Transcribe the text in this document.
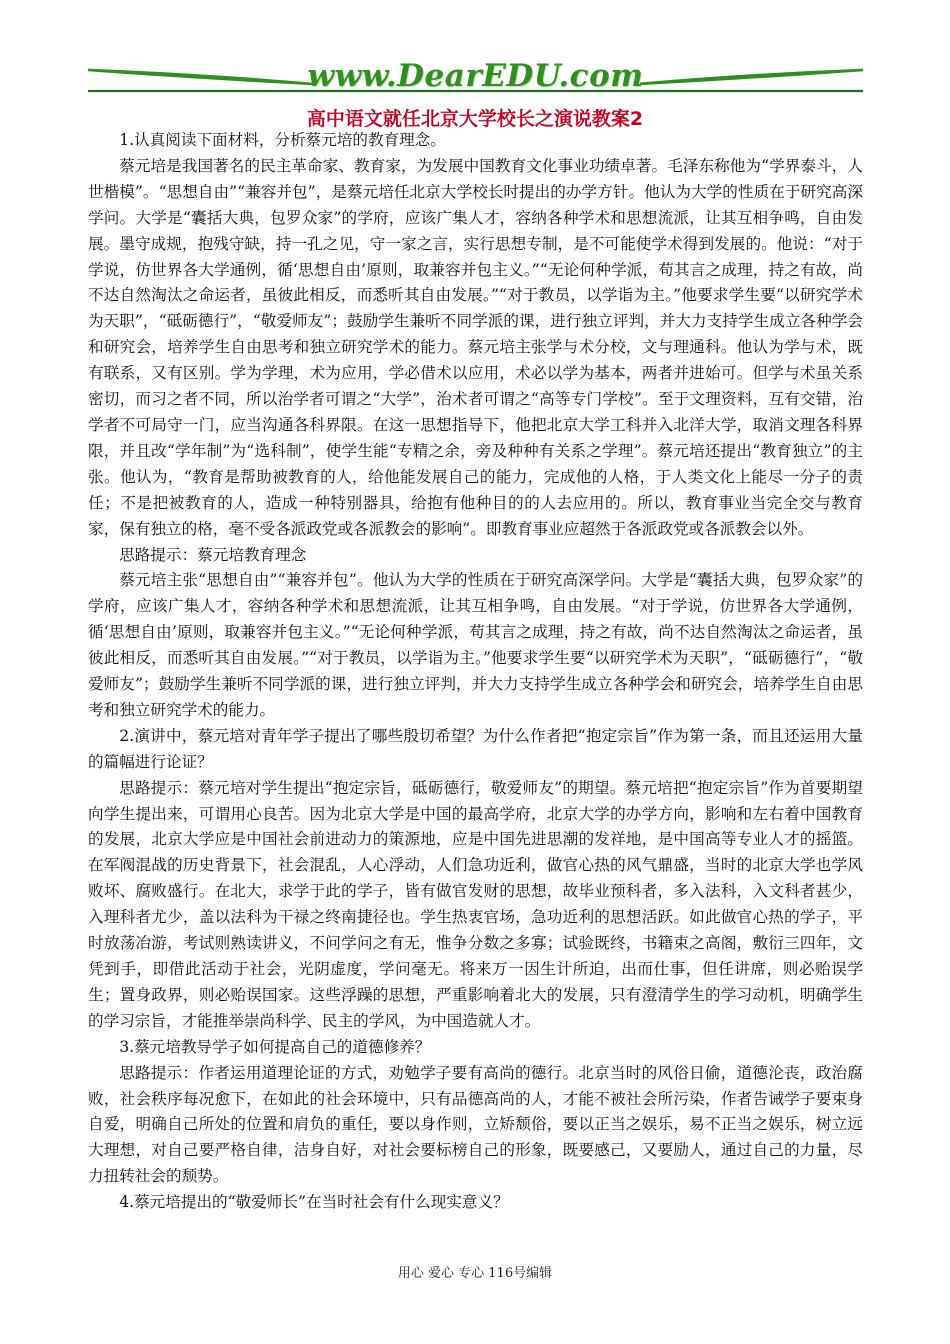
www.DearEDU.com
高中语文就任北京大学校长之演说教案2

1.认真阅读下面材料，分析蔡元培的教育理念。

蔡元培是我国著名的民主革命家、教育家，为发展中国教育文化事业功绩卓著。毛泽东称他为“学界泰斗，人世楷模”。“思想自由”“兼容并包”，是蔡元培任北京大学校长时提出的办学方针。他认为大学的性质在于研究高深学问。大学是“囊括大典，包罗众家”的学府，应该广集人才，容纳各种学术和思想流派，让其互相争鸣，自由发展。墨守成规，抱残守缺，持一孔之见，守一家之言，实行思想专制，是不可能使学术得到发展的。他说：“对于学说，仿世界各大学通例，循‘思想自由’原则，取兼容并包主义。”“无论何种学派，苟其言之成理，持之有故，尚不达自然淘汰之命运者，虽彼此相反，而悉听其自由发展。”“对于教员，以学诣为主。”他要求学生要“以研究学术为天职”，“砥砺德行”，“敬爱师友”；鼓励学生兼听不同学派的课，进行独立评判，并大力支持学生成立各种学会和研究会，培养学生自由思考和独立研究学术的能力。蔡元培主张学与术分校，文与理通科。他认为学与术，既有联系，又有区别。学为学理，术为应用，学必借术以应用，术必以学为基本，两者并进始可。但学与术虽关系密切，而习之者不同，所以治学者可谓之“大学”，治术者可谓之“高等专门学校”。至于文理资料，互有交错，治学者不可局守一门，应当沟通各科界限。在这一思想指导下，他把北京大学工科并入北洋大学，取消文理各科界限，并且改“学年制”为“选科制”，使学生能“专精之余，旁及种种有关系之学理”。蔡元培还提出“教育独立”的主张。他认为，“教育是帮助被教育的人，给他能发展自己的能力，完成他的人格，于人类文化上能尽一分子的责任；不是把被教育的人，造成一种特别器具，给抱有他种目的的人去应用的。所以，教育事业当完全交与教育家，保有独立的格，毫不受各派政党或各派教会的影响”。即教育事业应超然于各派政党或各派教会以外。

思路提示：蔡元培教育理念

蔡元培主张“思想自由”“兼容并包”。他认为大学的性质在于研究高深学问。大学是“囊括大典，包罗众家”的学府，应该广集人才，容纳各种学术和思想流派，让其互相争鸣，自由发展。“对于学说，仿世界各大学通例，循‘思想自由’原则，取兼容并包主义。”“无论何种学派，苟其言之成理，持之有故，尚不达自然淘汰之命运者，虽彼此相反，而悉听其自由发展。”“对于教员，以学诣为主。”他要求学生要“以研究学术为天职”，“砥砺德行”，“敬爱师友”；鼓励学生兼听不同学派的课，进行独立评判，并大力支持学生成立各种学会和研究会，培养学生自由思考和独立研究学术的能力。

2.演讲中，蔡元培对青年学子提出了哪些殷切希望？为什么作者把“抱定宗旨”作为第一条，而且还运用大量的篇幅进行论证？

思路提示：蔡元培对学生提出“抱定宗旨，砥砺德行，敬爱师友”的期望。蔡元培把“抱定宗旨”作为首要期望向学生提出来，可谓用心良苦。因为北京大学是中国的最高学府，北京大学的办学方向，影响和左右着中国教育的发展，北京大学应是中国社会前进动力的策源地，应是中国先进思潮的发祥地，是中国高等专业人才的摇篮。在军阀混战的历史背景下，社会混乱，人心浮动，人们急功近利，做官心热的风气鼎盛，当时的北京大学也学风败坏、腐败盛行。在北大，求学于此的学子，皆有做官发财的思想，故毕业预科者，多入法科，入文科者甚少，入理科者尤少，盖以法科为干禄之终南捷径也。学生热衷官场，急功近利的思想活跃。如此做官心热的学子，平时放荡冶游，考试则熟读讲义，不问学问之有无，惟争分数之多寡；试验既终，书籍束之高阁，敷衍三四年，文凭到手，即借此活动于社会，光阴虚度，学问毫无。将来万一因生计所迫，出而仕事，但任讲席，则必贻误学生；置身政界，则必贻误国家。这些浮躁的思想，严重影响着北大的发展，只有澄清学生的学习动机，明确学生的学习宗旨，才能推举崇尚科学、民主的学风，为中国造就人才。

3.蔡元培教导学子如何提高自己的道德修养？

思路提示：作者运用道理论证的方式，劝勉学子要有高尚的德行。北京当时的风俗日偷，道德沦丧，政治腐败，社会秩序每况愈下，在如此的社会环境中，只有品德高尚的人，才能不被社会所污染，作者告诫学子要束身自爱，明确自己所处的位置和肩负的重任，要以身作则，立矫颓俗，要以正当之娱乐，易不正当之娱乐，树立远大理想，对自己要严格自律，洁身自好，对社会要标榜自己的形象，既要感己，又要励人，通过自己的力量，尽力扭转社会的颓势。

4.蔡元培提出的“敬爱师长”在当时社会有什么现实意义？

用心 爱心 专心 116号编辑
